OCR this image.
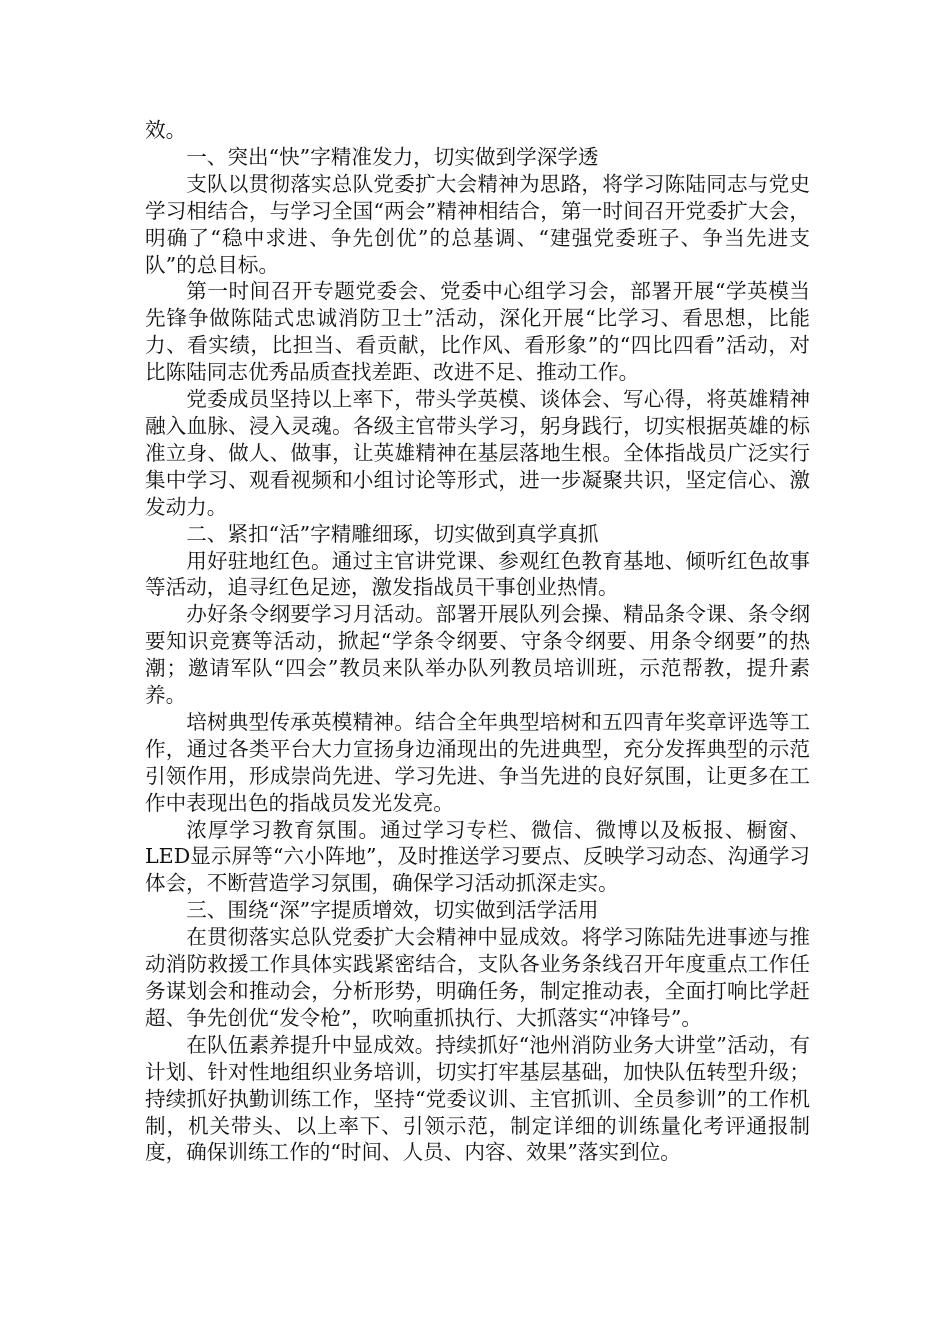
效。

一、突出“快”字精准发力，切实做到学深学透

支队以贯彻落实总队党委扩大会精神为思路，将学习陈陆同志与党史学习相结合，与学习全国“两会”精神相结合，第一时间召开党委扩大会，明确了“稳中求进、争先创优”的总基调、“建强党委班子、争当先进支队”的总目标。

第一时间召开专题党委会、党委中心组学习会，部署开展“学英模当先锋争做陈陆式忠诚消防卫士”活动，深化开展“比学习、看思想，比能力、看实绩，比担当、看贡献，比作风、看形象”的“四比四看”活动，对比陈陆同志优秀品质查找差距、改进不足、推动工作。

党委成员坚持以上率下，带头学英模、谈体会、写心得，将英雄精神融入血脉、浸入灵魂。各级主官带头学习，躬身践行，切实根据英雄的标准立身、做人、做事，让英雄精神在基层落地生根。全体指战员广泛实行集中学习、观看视频和小组讨论等形式，进一步凝聚共识，坚定信心、激发动力。

二、紧扣“活”字精雕细琢，切实做到真学真抓

用好驻地红色。通过主官讲党课、参观红色教育基地、倾听红色故事等活动，追寻红色足迹，激发指战员干事创业热情。

办好条令纲要学习月活动。部署开展队列会操、精品条令课、条令纲要知识竞赛等活动，掀起“学条令纲要、守条令纲要、用条令纲要”的热潮；邀请军队“四会”教员来队举办队列教员培训班，示范帮教，提升素养。

培树典型传承英模精神。结合全年典型培树和五四青年奖章评选等工作，通过各类平台大力宣扬身边涌现出的先进典型，充分发挥典型的示范引领作用，形成崇尚先进、学习先进、争当先进的良好氛围，让更多在工作中表现出色的指战员发光发亮。

浓厚学习教育氛围。通过学习专栏、微信、微博以及板报、橱窗、LED显示屏等“六小阵地”，及时推送学习要点、反映学习动态、沟通学习体会，不断营造学习氛围，确保学习活动抓深走实。

三、围绕“深”字提质增效，切实做到活学活用

在贯彻落实总队党委扩大会精神中显成效。将学习陈陆先进事迹与推动消防救援工作具体实践紧密结合，支队各业务条线召开年度重点工作任务谋划会和推动会，分析形势，明确任务，制定推动表，全面打响比学赶超、争先创优“发令枪”，吹响重抓执行、大抓落实“冲锋号”。

在队伍素养提升中显成效。持续抓好“池州消防业务大讲堂”活动，有计划、针对性地组织业务培训，切实打牢基层基础，加快队伍转型升级；持续抓好执勤训练工作，坚持“党委议训、主官抓训、全员参训”的工作机制，机关带头、以上率下、引领示范，制定详细的训练量化考评通报制度，确保训练工作的“时间、人员、内容、效果”落实到位。
